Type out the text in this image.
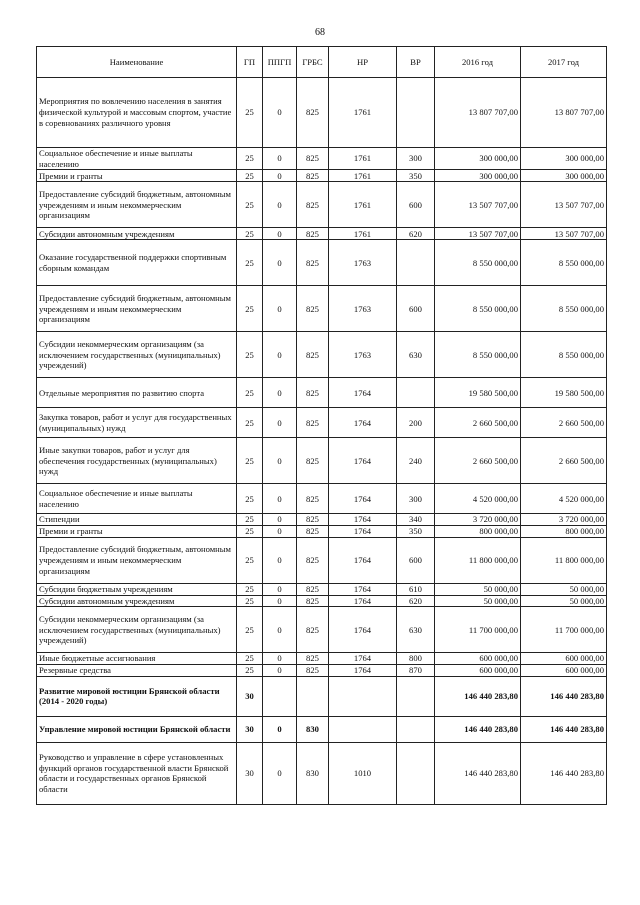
68
Наименование	ГП	ППГП	ГРБС	НР	ВР	2016 год	2017 год
Мероприятия по вовлечению населения в занятия физической культурой и массовым спортом, участие в соревнованиях различного уровня	25	0	825	1761		13 807 707,00	13 807 707,00
Социальное обеспечение и иные выплаты населению	25	0	825	1761	300	300 000,00	300 000,00
Премии и гранты	25	0	825	1761	350	300 000,00	300 000,00
Предоставление субсидий бюджетным, автономным учреждениям и иным некоммерческим организациям	25	0	825	1761	600	13 507 707,00	13 507 707,00
Субсидии автономным учреждениям	25	0	825	1761	620	13 507 707,00	13 507 707,00
Оказание государственной поддержки спортивным сборным командам	25	0	825	1763		8 550 000,00	8 550 000,00
Предоставление субсидий бюджетным, автономным учреждениям и иным некоммерческим организациям	25	0	825	1763	600	8 550 000,00	8 550 000,00
Субсидии некоммерческим организациям (за исключением государственных (муниципальных) учреждений)	25	0	825	1763	630	8 550 000,00	8 550 000,00
Отдельные мероприятия по развитию спорта	25	0	825	1764		19 580 500,00	19 580 500,00
Закупка товаров, работ и услуг для государственных (муниципальных) нужд	25	0	825	1764	200	2 660 500,00	2 660 500,00
Иные закупки товаров, работ и услуг для обеспечения государственных (муниципальных) нужд	25	0	825	1764	240	2 660 500,00	2 660 500,00
Социальное обеспечение и иные выплаты населению	25	0	825	1764	300	4 520 000,00	4 520 000,00
Стипендии	25	0	825	1764	340	3 720 000,00	3 720 000,00
Премии и гранты	25	0	825	1764	350	800 000,00	800 000,00
Предоставление субсидий бюджетным, автономным учреждениям и иным некоммерческим организациям	25	0	825	1764	600	11 800 000,00	11 800 000,00
Субсидии бюджетным учреждениям	25	0	825	1764	610	50 000,00	50 000,00
Субсидии автономным учреждениям	25	0	825	1764	620	50 000,00	50 000,00
Субсидии некоммерческим организациям (за исключением государственных (муниципальных) учреждений)	25	0	825	1764	630	11 700 000,00	11 700 000,00
Иные бюджетные ассигнования	25	0	825	1764	800	600 000,00	600 000,00
Резервные средства	25	0	825	1764	870	600 000,00	600 000,00
Развитие мировой юстиции Брянской области (2014 - 2020 годы)	30					146 440 283,80	146 440 283,80
Управление мировой юстиции Брянской области	30	0	830			146 440 283,80	146 440 283,80
Руководство и управление в сфере установленных функций органов государственной власти Брянской области и государственных органов Брянской области	30	0	830	1010		146 440 283,80	146 440 283,80
